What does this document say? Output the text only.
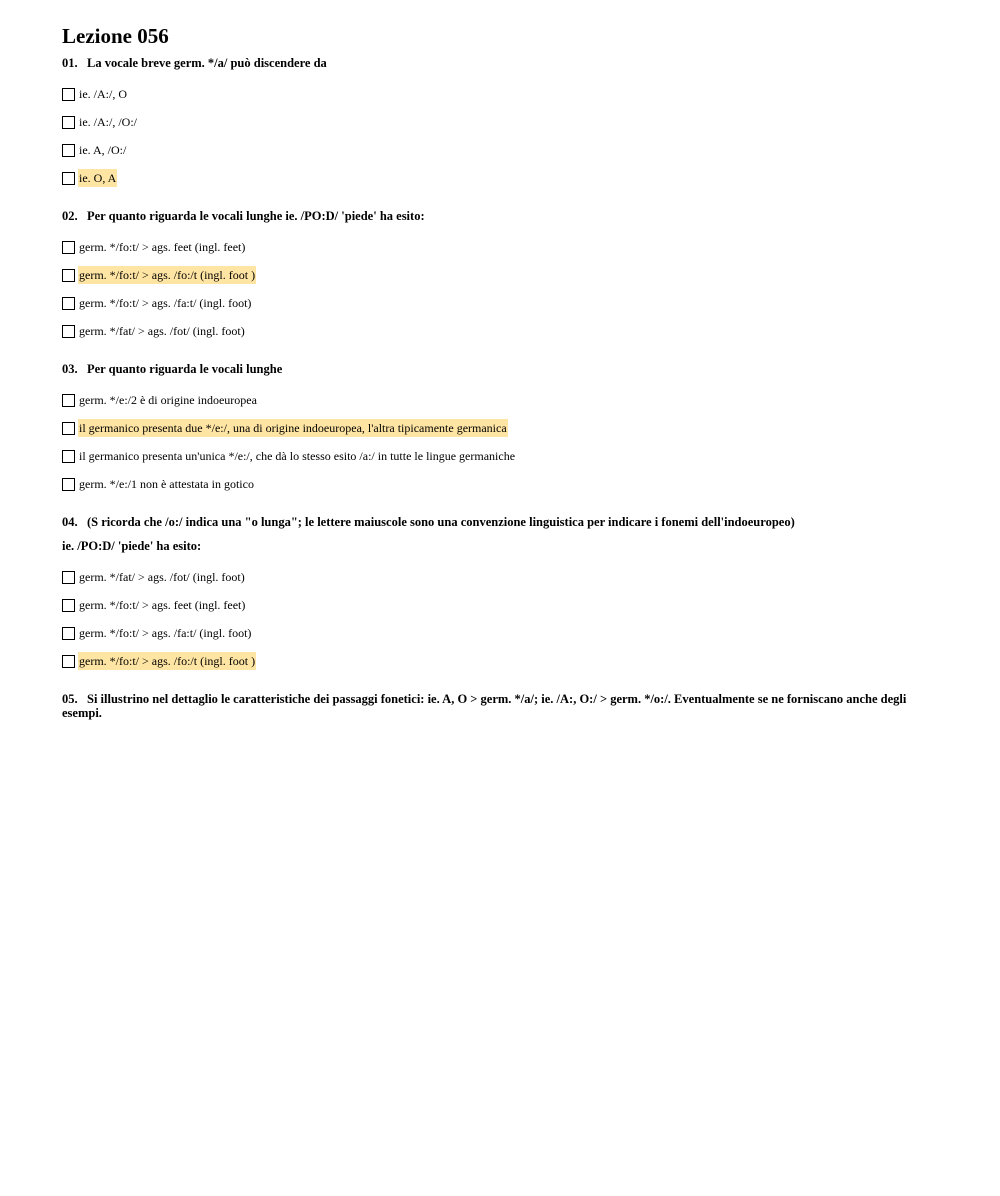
Lezione 056
01. La vocale breve germ. */a/ può discendere da
ie. /A:/, O
ie. /A:/, /O:/
ie. A, /O:/
ie. O, A
02. Per quanto riguarda le vocali lunghe ie. /PO:D/ 'piede' ha esito:
germ. */fo:t/ > ags. feet (ingl. feet)
germ. */fo:t/ > ags. /fo:/t (ingl. foot )
germ. */fo:t/ > ags. /fa:t/ (ingl. foot)
germ. */fat/ > ags. /fot/ (ingl. foot)
03. Per quanto riguarda le vocali lunghe
germ. */e:/2 è di origine indoeuropea
il germanico presenta due */e:/, una di origine indoeuropea, l'altra tipicamente germanica
il germanico presenta un'unica */e:/, che dà lo stesso esito /a:/ in tutte le lingue germaniche
germ. */e:/1 non è attestata in gotico
04. (S ricorda che /o:/ indica una "o lunga"; le lettere maiuscole sono una convenzione linguistica per indicare i fonemi dell'indoeuropeo)
ie. /PO:D/ 'piede' ha esito:
germ. */fat/ > ags. /fot/ (ingl. foot)
germ. */fo:t/ > ags. feet (ingl. feet)
germ. */fo:t/ > ags. /fa:t/ (ingl. foot)
germ. */fo:t/ > ags. /fo:/t (ingl. foot )
05. Si illustrino nel dettaglio le caratteristiche dei passaggi fonetici: ie. A, O > germ. */a/; ie. /A:, O:/ > germ. */o:/. Eventualmente se ne forniscano anche degli esempi.
